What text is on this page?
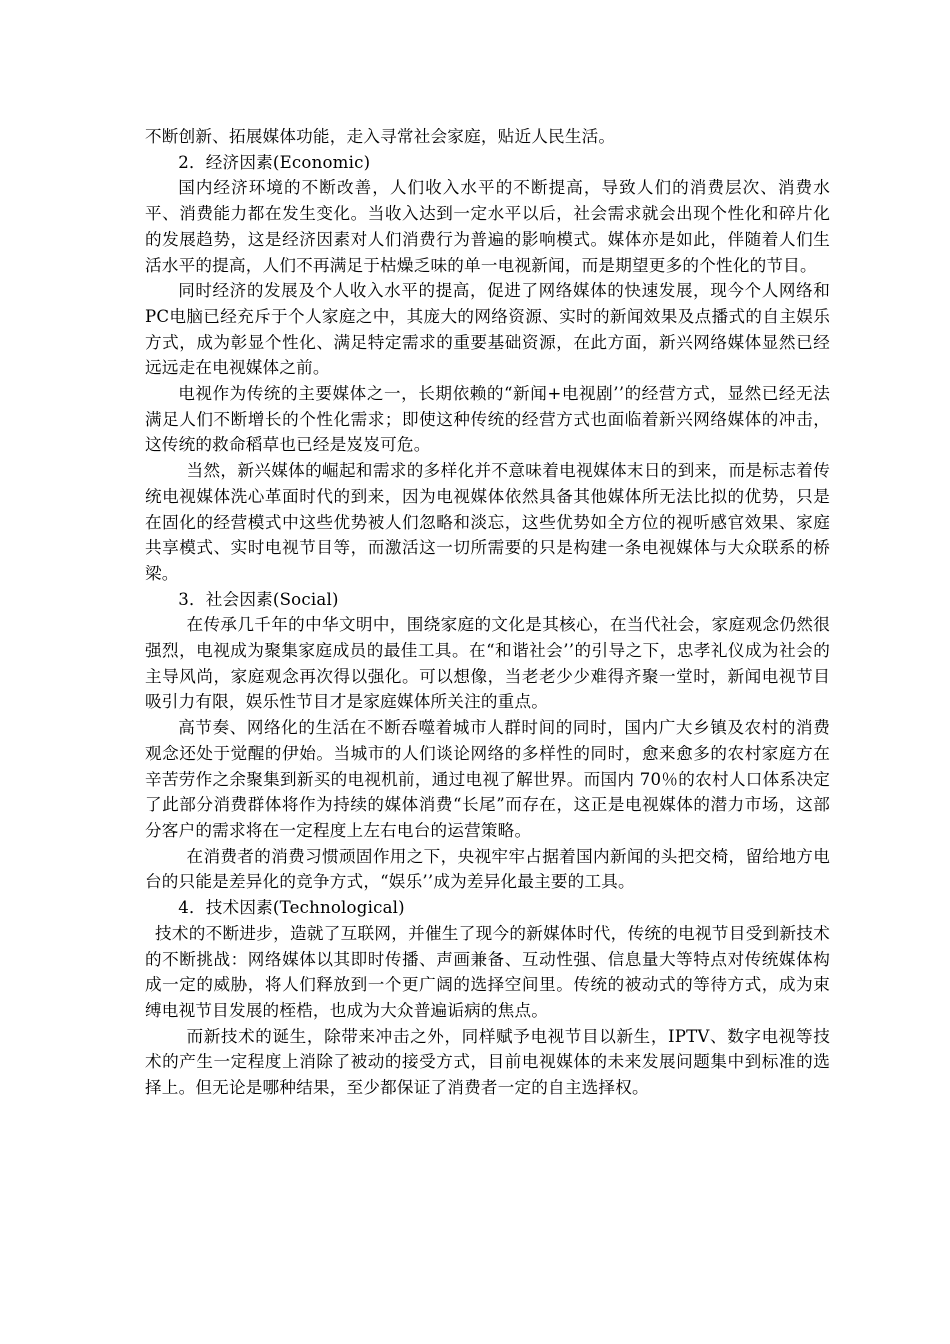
不断创新、拓展媒体功能，走入寻常社会家庭，贴近人民生活。

2．经济因素(Economic)

国内经济环境的不断改善，人们收入水平的不断提高，导致人们的消费层次、消费水平、消费能力都在发生变化。当收入达到一定水平以后，社会需求就会出现个性化和碎片化的发展趋势，这是经济因素对人们消费行为普遍的影响模式。媒体亦是如此，伴随着人们生活水平的提高，人们不再满足于枯燥乏味的单一电视新闻，而是期望更多的个性化的节目。

同时经济的发展及个人收入水平的提高，促进了网络媒体的快速发展，现今个人网络和 PC电脑已经充斥于个人家庭之中，其庞大的网络资源、实时的新闻效果及点播式的自主娱乐方式，成为彰显个性化、满足特定需求的重要基础资源，在此方面，新兴网络媒体显然已经远远走在电视媒体之前。

电视作为传统的主要媒体之一，长期依赖的“新闻+电视剧’’的经营方式，显然已经无法满足人们不断增长的个性化需求；即使这种传统的经营方式也面临着新兴网络媒体的冲击，这传统的救命稻草也已经是岌岌可危。

当然，新兴媒体的崛起和需求的多样化并不意味着电视媒体末日的到来，而是标志着传统电视媒体洗心革面时代的到来，因为电视媒体依然具备其他媒体所无法比拟的优势，只是在固化的经营模式中这些优势被人们忽略和淡忘，这些优势如全方位的视听感官效果、家庭共享模式、实时电视节目等，而激活这一切所需要的只是构建一条电视媒体与大众联系的桥梁。

3．社会因素(Social)

在传承几千年的中华文明中，围绕家庭的文化是其核心，在当代社会，家庭观念仍然很强烈，电视成为聚集家庭成员的最佳工具。在“和谐社会’’的引导之下，忠孝礼仪成为社会的主导风尚，家庭观念再次得以强化。可以想像，当老老少少难得齐聚一堂时，新闻电视节目吸引力有限，娱乐性节目才是家庭媒体所关注的重点。

高节奏、网络化的生活在不断吞噬着城市人群时间的同时，国内广大乡镇及农村的消费观念还处于觉醒的伊始。当城市的人们谈论网络的多样性的同时，愈来愈多的农村家庭方在辛苦劳作之余聚集到新买的电视机前，通过电视了解世界。而国内 70％的农村人口体系决定了此部分消费群体将作为持续的媒体消费“长尾”而存在，这正是电视媒体的潜力市场，这部分客户的需求将在一定程度上左右电台的运营策略。

在消费者的消费习惯顽固作用之下，央视牢牢占据着国内新闻的头把交椅，留给地方电台的只能是差异化的竞争方式，“娱乐’’成为差异化最主要的工具。

4．技术因素(Technological)

技术的不断进步，造就了互联网，并催生了现今的新媒体时代，传统的电视节目受到新技术的不断挑战：网络媒体以其即时传播、声画兼备、互动性强、信息量大等特点对传统媒体构成一定的威胁，将人们释放到一个更广阔的选择空间里。传统的被动式的等待方式，成为束缚电视节目发展的桎梏，也成为大众普遍诟病的焦点。

而新技术的诞生，除带来冲击之外，同样赋予电视节目以新生，IPTV、数字电视等技术的产生一定程度上消除了被动的接受方式，目前电视媒体的未来发展问题集中到标准的选择上。但无论是哪种结果，至少都保证了消费者一定的自主选择权。
